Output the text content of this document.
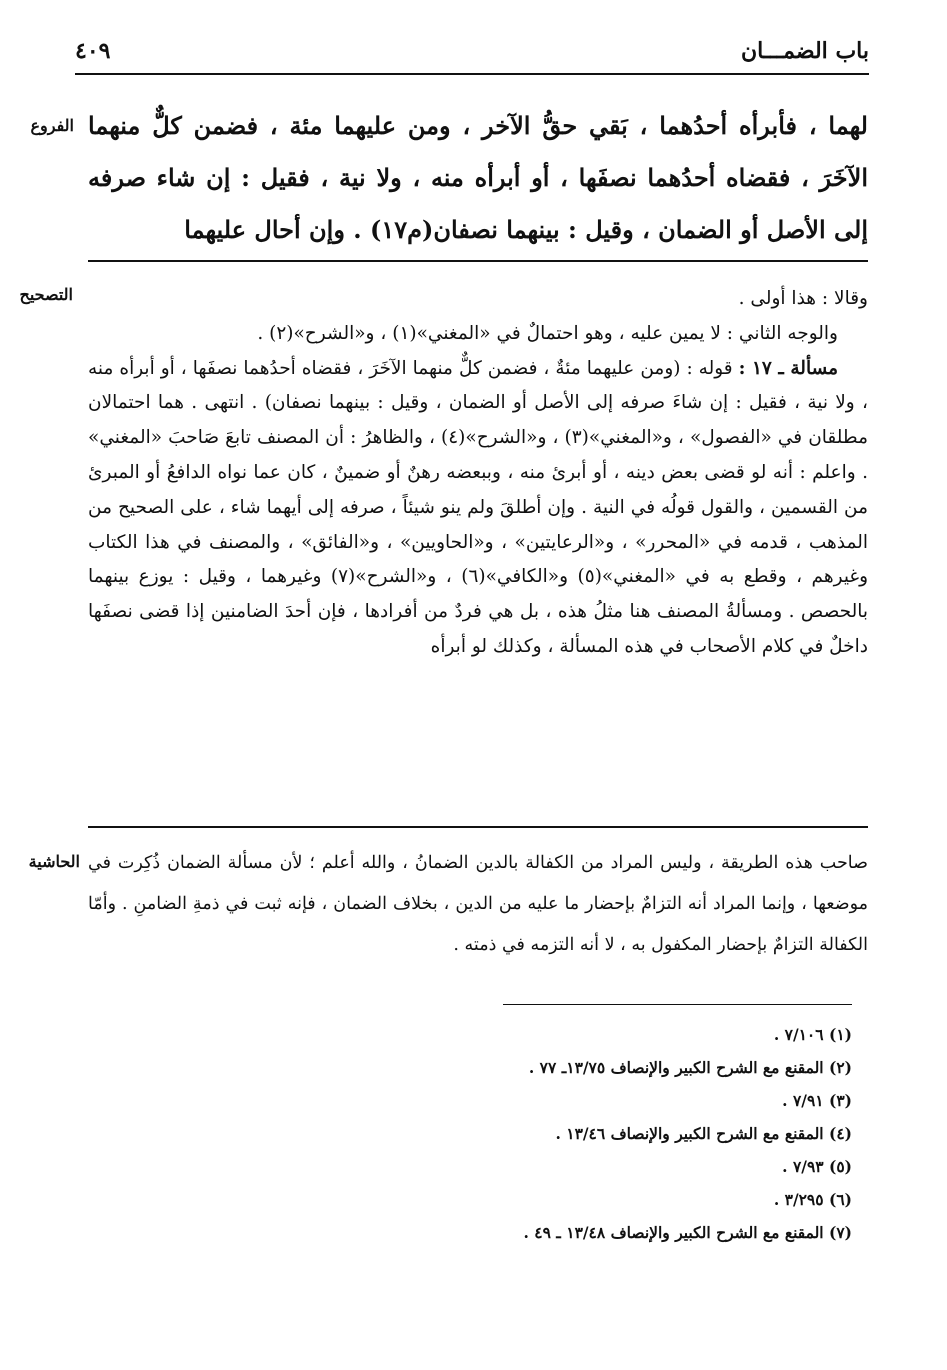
باب الضمـــان
٤٠٩
الفروع لهما ، فأبرأه أحدُهما ، بَقي حقُّ الآخر ، ومن عليهما مئة ، فضمن كلٌّ منهما الآخَرَ ، فقضاه أحدُهما نصفَها ، أو أبرأه منه ، ولا نية ، فقيل : إن شاء صرفه إلى الأصل أو الضمان ، وقيل : بينهما نصفان(م١٧) . وإن أحال عليهما

التصحيح	وقالا : هذا أولى .

والوجه الثاني : لا يمين عليه ، وهو احتمالٌ في «المغني»(١) ، و«الشرح»(٢) .

مسألة ـ ١٧ : قوله : (ومن عليهما مئةٌ ، فضمن كلٌّ منهما الآخَرَ ، فقضاه أحدُهما نصفَها ، أو أبرأه منه ، ولا نية ، فقيل : إن شاءَ صرفه إلى الأصل أو الضمان ، وقيل : بينهما نصفان) . انتهى . هما احتمالان مطلقان في «الفصول» ، و«المغني»(٣) ، و«الشرح»(٤) ، والظاهرُ : أن المصنف تابعَ صَاحبَ «المغني» . واعلم : أنه لو قضى بعض دينه ، أو أبرئ منه ، وببعضه رهنٌ أو ضمينٌ ، كان عما نواه الدافعُ أو المبرئ من القسمين ، والقول قولُه في النية . وإن أطلقَ ولم ينو شيئاً ، صرفه إلى أيهما شاء ، على الصحيح من المذهب ، قدمه في «المحرر» ، و«الرعايتين» ، و«الحاويين» ، و«الفائق» ، والمصنف في هذا الكتاب وغيرهم ، وقطع به في «المغني»(٥) و«الكافي»(٦) ، و«الشرح»(٧) وغيرهما ، وقيل : يوزع بينهما بالحصص . ومسألةُ المصنف هنا مثلُ هذه ، بل هي فردٌ من أفرادها ، فإن أحدَ الضامنين إذا قضى نصفَها داخلٌ في كلام الأصحاب في هذه المسألة ، وكذلك لو أبرأه

الحاشية صاحب هذه الطريقة ، وليس المراد من الكفالة بالدين الضمانُ ، والله أعلم ؛ لأن مسألة الضمان ذُكِرت في موضعها ، وإنما المراد أنه التزامٌ بإحضار ما عليه من الدين ، بخلاف الضمان ، فإنه ثبت في ذمةِ الضامنِ . وأمّا الكفالة التزامٌ بإحضار المكفول به ، لا أنه التزمه في ذمته .

(١) ٧/١٠٦ .
(٢) المقنع مع الشرح الكبير والإنصاف ١٣/٧٥ـ ٧٧ .
(٣) ٧/٩١ .
(٤) المقنع مع الشرح الكبير والإنصاف ١٣/٤٦ .
(٥) ٧/٩٣ .
(٦) ٣/٢٩٥ .
(٧) المقنع مع الشرح الكبير والإنصاف ١٣/٤٨ ـ ٤٩ .
